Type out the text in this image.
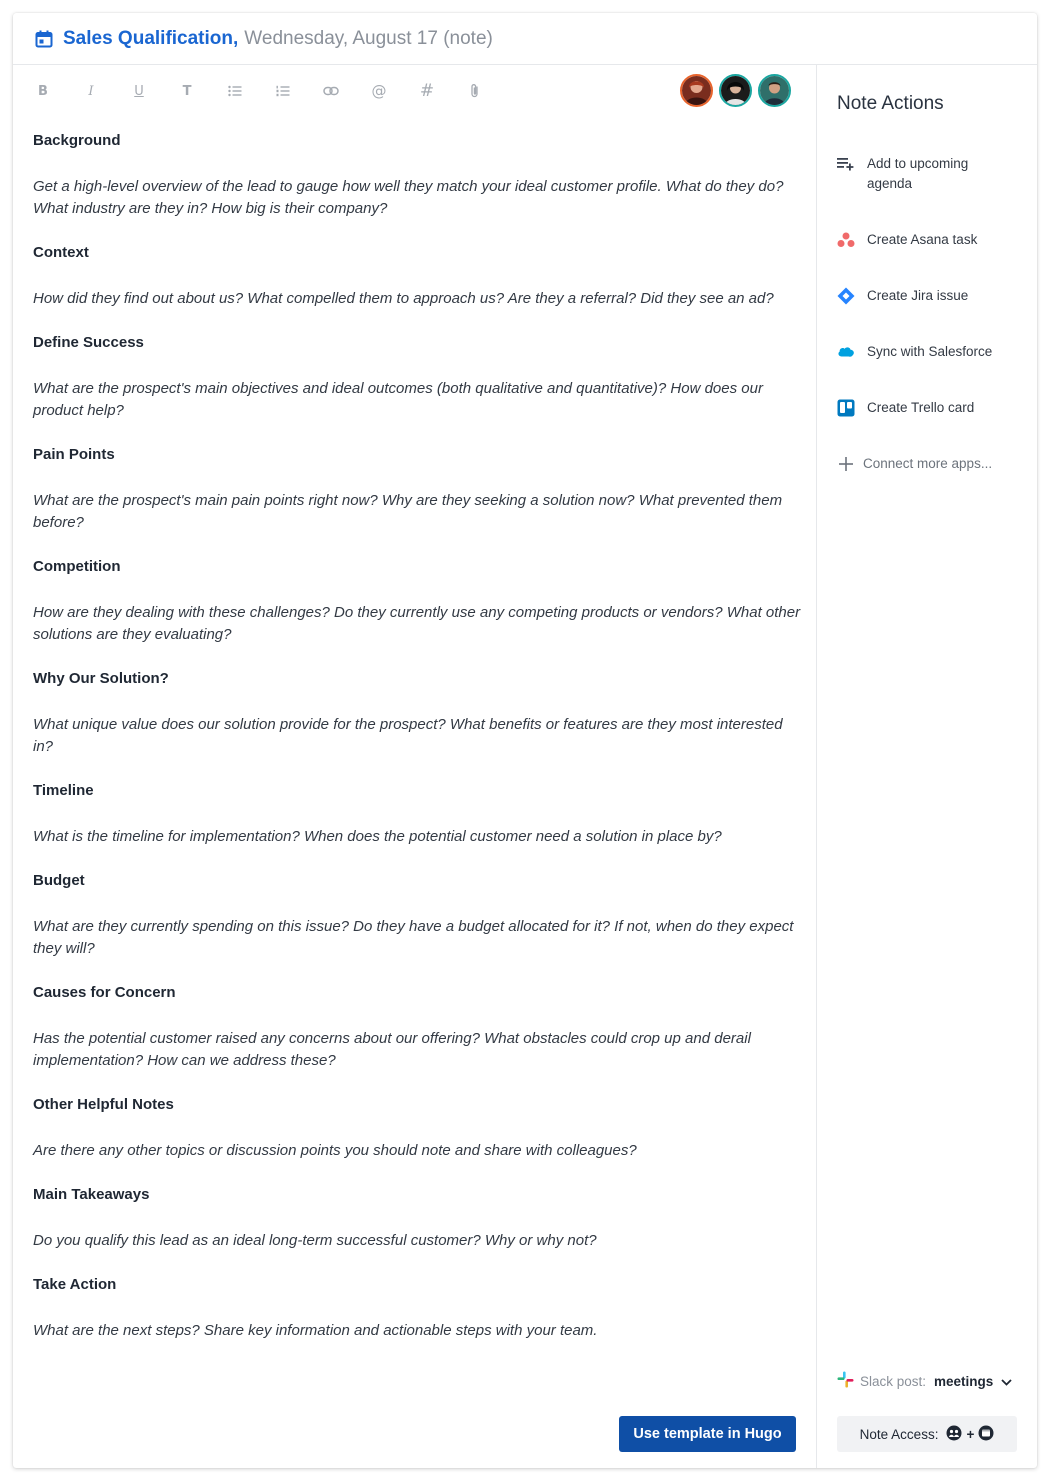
Sales Qualification, Wednesday, August 17 (note)
B	I	U	T	@ #
Background
Get a high-level overview of the lead to gauge how well they match your ideal customer profile. What do they do? What industry are they in? How big is their company?
Context
How did they find out about us? What compelled them to approach us? Are they a referral? Did they see an ad?
Define Success
What are the prospect's main objectives and ideal outcomes (both qualitative and quantitative)? How does our product help?
Pain Points
What are the prospect's main pain points right now? Why are they seeking a solution now? What prevented them before?
Competition
How are they dealing with these challenges? Do they currently use any competing products or vendors? What other solutions are they evaluating?
Why Our Solution?
What unique value does our solution provide for the prospect? What benefits or features are they most interested in?
Timeline
What is the timeline for implementation? When does the potential customer need a solution in place by?
Budget
What are they currently spending on this issue? Do they have a budget allocated for it? If not, when do they expect they will?
Causes for Concern
Has the potential customer raised any concerns about our offering? What obstacles could crop up and derail implementation? How can we address these?
Other Helpful Notes
Are there any other topics or discussion points you should note and share with colleagues?
Main Takeaways
Do you qualify this lead as an ideal long-term successful customer? Why or why not?
Take Action
What are the next steps? Share key information and actionable steps with your team.
Use template in Hugo
Note Actions
Add to upcoming agenda
Create Asana task
Create Jira issue
Sync with Salesforce
Create Trello card
Connect more apps...
Slack post: meetings
Note Access: +
